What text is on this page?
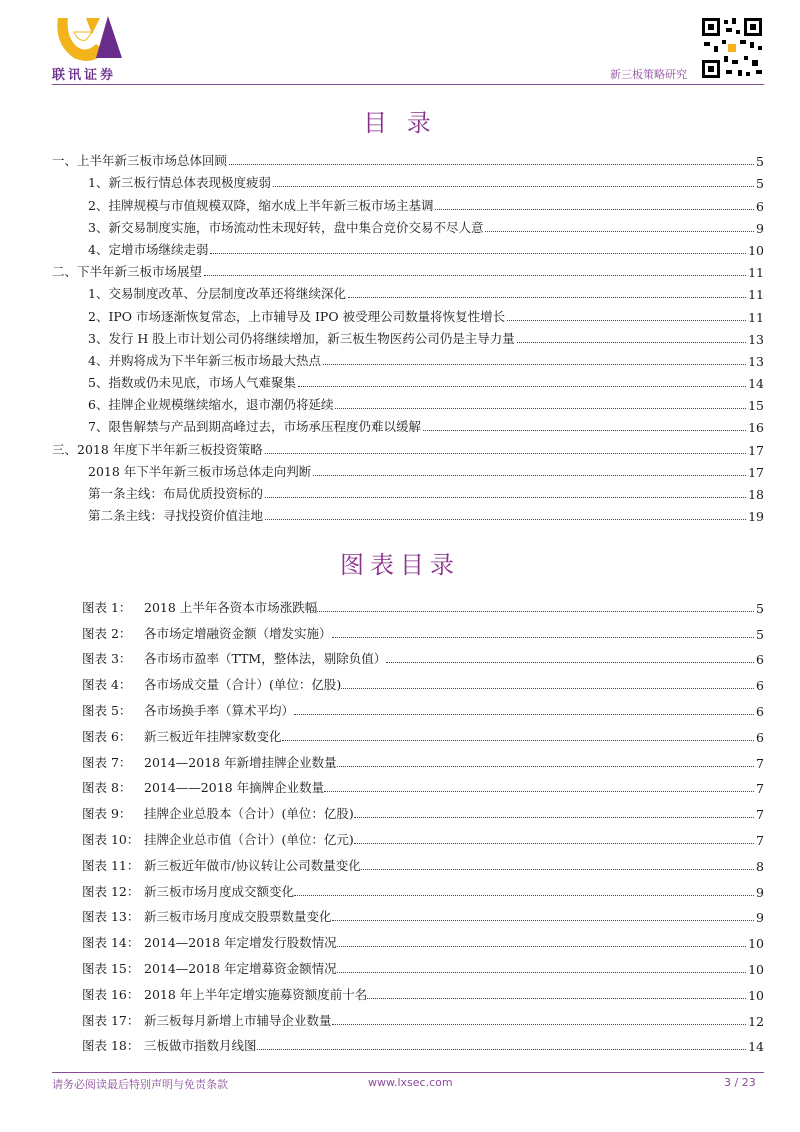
联讯证券	新三板策略研究
目 录
一、上半年新三板市场总体回顾	5
1、新三板行情总体表现极度疲弱	5
2、挂牌规模与市值规模双降，缩水成上半年新三板市场主基调	6
3、新交易制度实施，市场流动性未现好转，盘中集合竞价交易不尽人意	9
4、定增市场继续走弱	10
二、下半年新三板市场展望	11
1、交易制度改革、分层制度改革还将继续深化	11
2、IPO 市场逐渐恢复常态，上市辅导及 IPO 被受理公司数量将恢复性增长	11
3、发行 H 股上市计划公司仍将继续增加，新三板生物医药公司仍是主导力量	13
4、并购将成为下半年新三板市场最大热点	13
5、指数或仍未见底，市场人气难聚集	14
6、挂牌企业规模继续缩水，退市潮仍将延续	15
7、限售解禁与产品到期高峰过去，市场承压程度仍难以缓解	16
三、2018 年度下半年新三板投资策略	17
2018 年下半年新三板市场总体走向判断	17
第一条主线：布局优质投资标的	18
第二条主线：寻找投资价值洼地	19
图表目录
图表 1：	2018 上半年各资本市场涨跌幅	5
图表 2：	各市场定增融资金额（增发实施）	5
图表 3：	各市场市盈率（TTM，整体法，剔除负值）	6
图表 4：	各市场成交量（合计）(单位：亿股)	6
图表 5：	各市场换手率（算术平均）	6
图表 6：	新三板近年挂牌家数变化	6
图表 7：	2014—2018 年新增挂牌企业数量	7
图表 8：	2014——2018 年摘牌企业数量	7
图表 9：	挂牌企业总股本（合计）(单位：亿股)	7
图表 10： 挂牌企业总市值（合计）(单位：亿元)	7
图表 11： 新三板近年做市/协议转让公司数量变化	8
图表 12： 新三板市场月度成交额变化	9
图表 13： 新三板市场月度成交股票数量变化	9
图表 14： 2014—2018 年定增发行股数情况	10
图表 15： 2014—2018 年定增募资金额情况	10
图表 16： 2018 年上半年定增实施募资额度前十名	10
图表 17： 新三板每月新增上市辅导企业数量	12
图表 18： 三板做市指数月线图	14
请务必阅读最后特别声明与免责条款	www.lxsec.com	3 / 23
